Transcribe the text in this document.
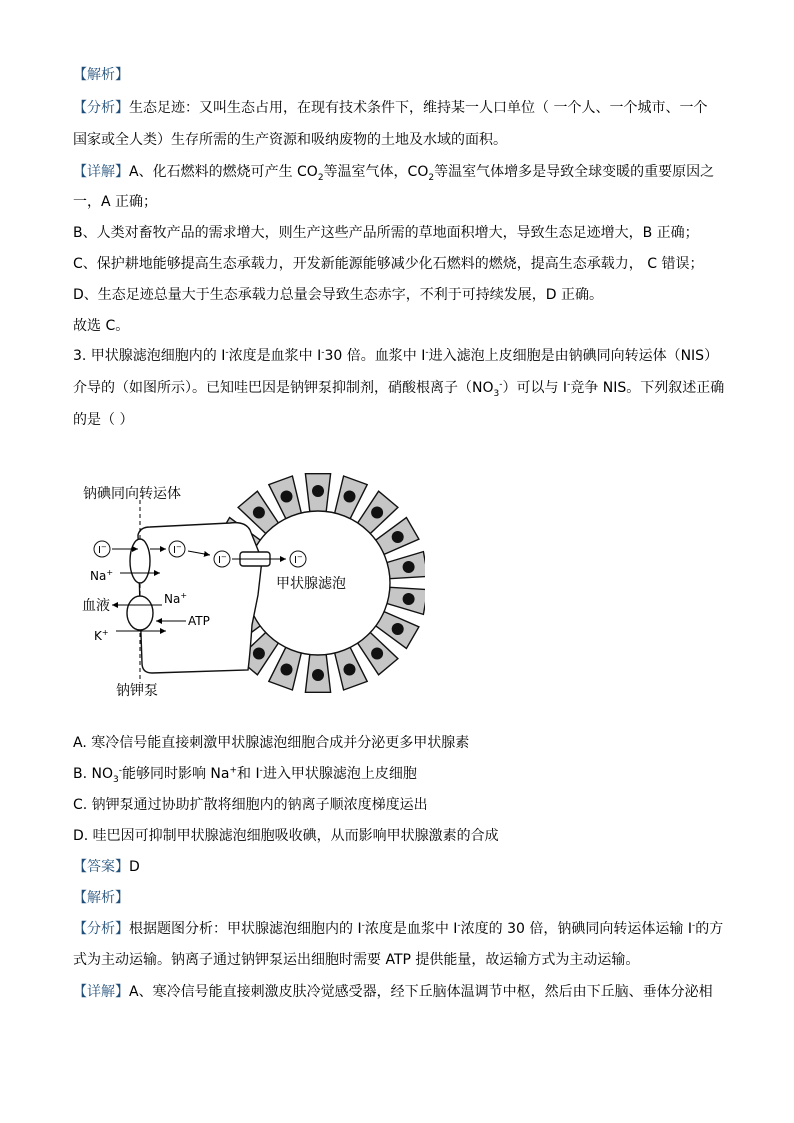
【解析】
【分析】生态足迹：又叫生态占用，在现有技术条件下，维持某一人口单位（ 一个人、一个城市、一个
国家或全人类）生存所需的生产资源和吸纳废物的土地及水域的面积。
【详解】A、化石燃料的燃烧可产生 $CO_2$等温室气体，$CO_2$等温室气体增多是导致全球变暖的重要原因之
一，A 正确；
B、人类对畜牧产品的需求增大，则生产这些产品所需的草地面积增大，导致生态足迹增大，B 正确；
C、保护耕地能够提高生态承载力，开发新能源能够减少化石燃料的燃烧，提高生态承载力， C 错误；
D、生态足迹总量大于生态承载力总量会导致生态赤字，不利于可持续发展，D 正确。
故选 C。
3. 甲状腺滤泡细胞内的 I-浓度是血浆中 I-30 倍。血浆中 I-进入滤泡上皮细胞是由钠碘同向转运体（NIS）
介导的（如图所示）。已知哇巴因是钠钾泵抑制剂，硝酸根离子$(NO_3^-)$可以与 I-竞争 NIS。下列叙述正确
的是（ ）
钠碘同向转运体
I−
Na+
I−
I−	I−
甲状腺滤泡
血液	Na+
ATP
K+
钠钾泵
A. 寒冷信号能直接刺激甲状腺滤泡细胞合成并分泌更多甲状腺素
B. $NO_3^-$能够同时影响 Na+和 I-进入甲状腺滤泡上皮细胞
C. 钠钾泵通过协助扩散将细胞内的钠离子顺浓度梯度运出
D. 哇巴因可抑制甲状腺滤泡细胞吸收碘，从而影响甲状腺激素的合成
【答案】D
【解析】
【分析】根据题图分析：甲状腺滤泡细胞内的 I-浓度是血浆中 I-浓度的 30 倍，钠碘同向转运体运输 I-的方
式为主动运输。钠离子通过钠钾泵运出细胞时需要 ATP 提供能量，故运输方式为主动运输。
【详解】A、寒冷信号能直接刺激皮肤冷觉感受器，经下丘脑体温调节中枢，然后由下丘脑、垂体分泌相
